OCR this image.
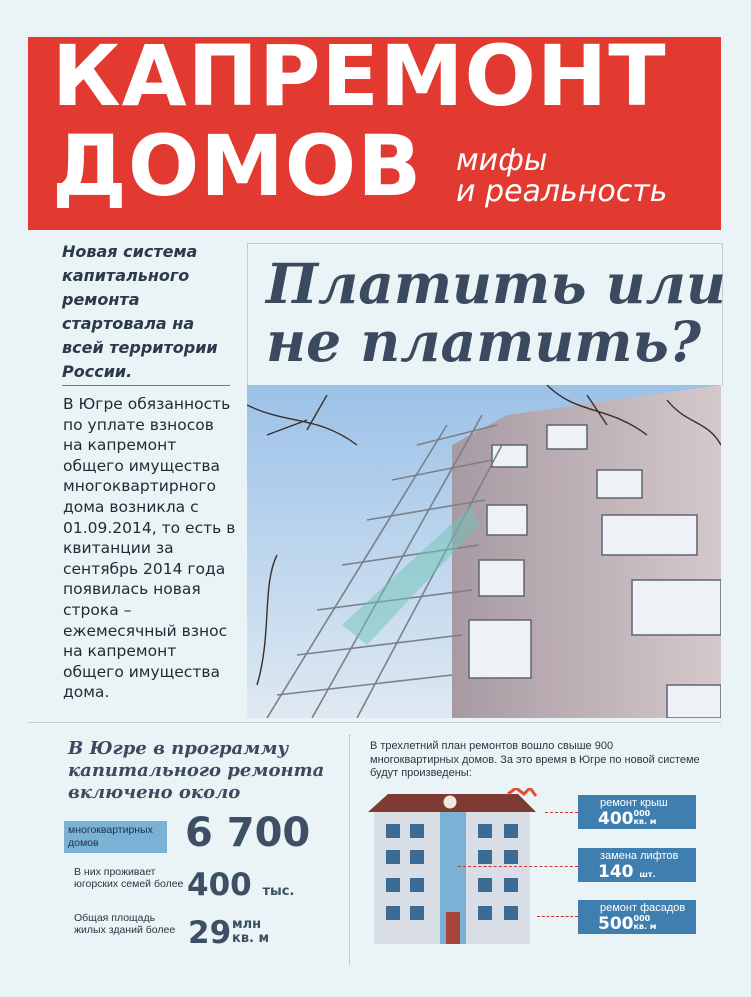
КАПРЕМОНТ
ДОМОВ мифы
и реальность
Новая система капитального ремонта стартовала на всей территории России.
В Югре обязанность по уплате взносов на капремонт общего имущества многоквартирного дома возникла с 01.09.2014, то есть в квитанции за сентябрь 2014 года появилась новая строка – ежемесячный взнос на капремонт общего имущества дома.
Платить или
не платить?
В Югре в программу капитального ремонта включено около
многоквартирных домов	6 700
В них проживает югорских семей более 400 тыс.
Общая площадь жилых зданий более 29 млн
кв. м
В трехлетний план ремонтов вошло свыше 900 многоквартирных домов. За это время в Югре по новой системе будут произведены:
ремонт крыш
400000
кв. м
замена лифтов
140 шт.
ремонт фасадов
500000
кв. м
